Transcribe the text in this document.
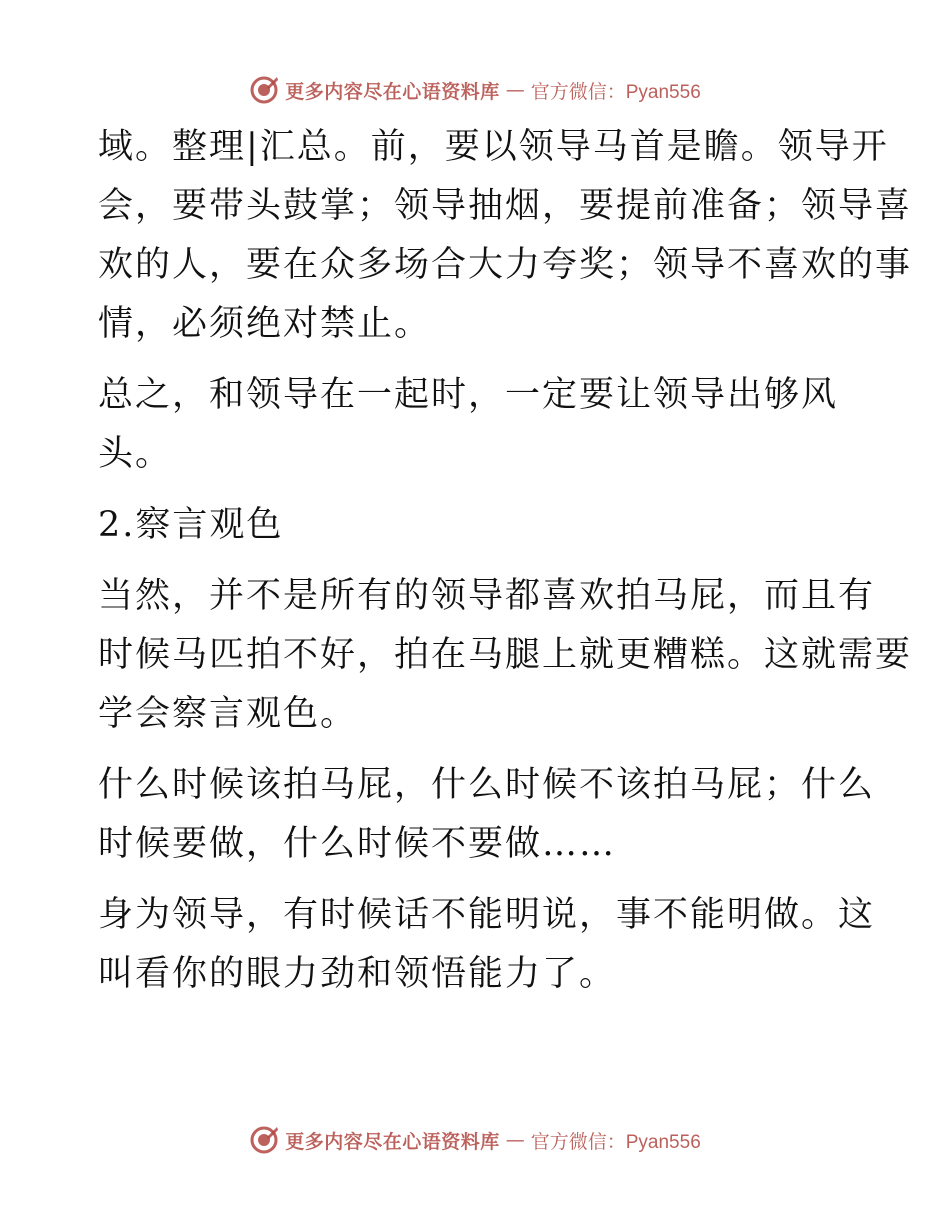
更多内容尽在心语资料库 — 官方微信：Pyan556

域。整理|汇总。前，要以领导马首是瞻。领导开
会，要带头鼓掌；领导抽烟，要提前准备；领导喜
欢的人，要在众多场合大力夸奖；领导不喜欢的事
情，必须绝对禁止。

总之，和领导在一起时，一定要让领导出够风
头。

2.察言观色

当然，并不是所有的领导都喜欢拍马屁，而且有
时候马匹拍不好，拍在马腿上就更糟糕。这就需要
学会察言观色。

什么时候该拍马屁，什么时候不该拍马屁；什么
时候要做，什么时候不要做……

身为领导，有时候话不能明说，事不能明做。这
叫看你的眼力劲和领悟能力了。

更多内容尽在心语资料库 — 官方微信：Pyan556
